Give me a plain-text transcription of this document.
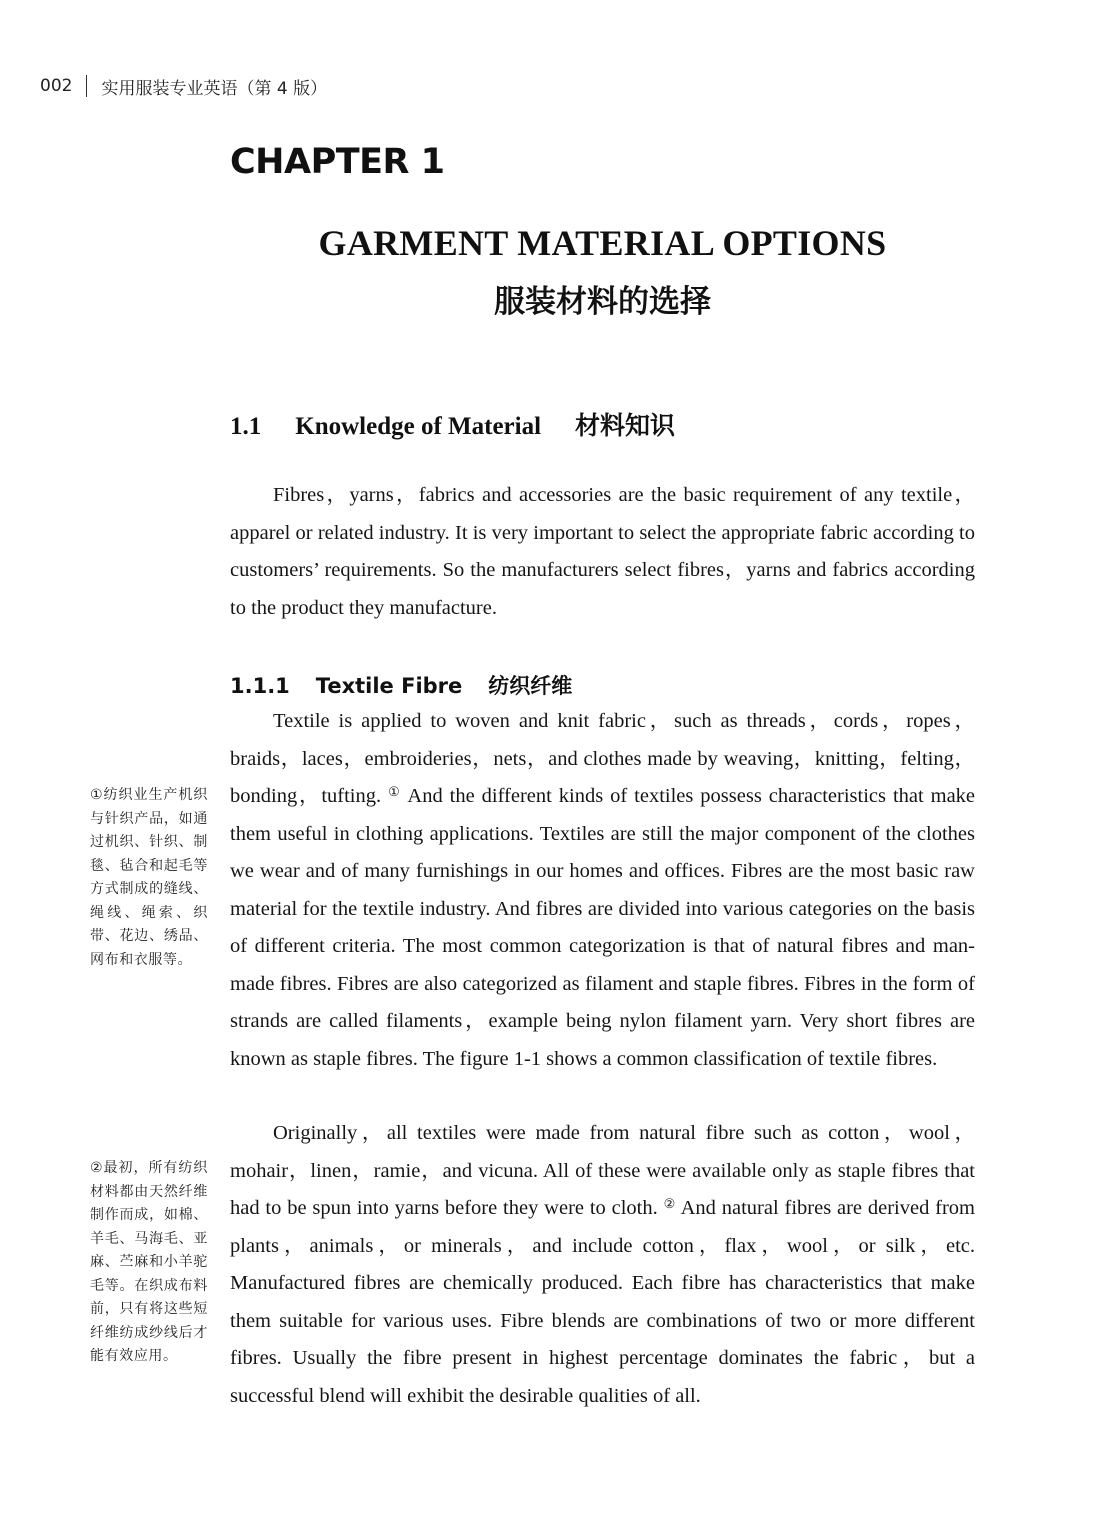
002 实用服装专业英语（第 4 版）
CHAPTER 1
GARMENT MATERIAL OPTIONS
服装材料的选择
1.1 Knowledge of Material 材料知识

Fibres，yarns，fabrics and accessories are the basic requirement of any textile，apparel or related industry. It is very important to select the appropriate fabric according to customers’ requirements. So the manufacturers select fibres，yarns and fabrics according to the product they manufacture.

1.1.1 Textile Fibre 纺织纤维

Textile is applied to woven and knit fabric，such as threads，cords，ropes，braids，laces，embroideries，nets，and clothes made by weaving，knitting，felting，bonding，tufting. ① And the different kinds of textiles possess characteristics that make them useful in clothing applications. Textiles are still the major component of the clothes we wear and of many furnishings in our homes and offices. Fibres are the most basic raw material for the textile industry. And fibres are divided into various categories on the basis of different criteria. The most common categorization is that of natural fibres and man-made fibres. Fibres are also categorized as filament and staple fibres. Fibres in the form of strands are called filaments，example being nylon filament yarn. Very short fibres are known as staple fibres. The figure 1-1 shows a common classification of textile fibres.

Originally，all textiles were made from natural fibre such as cotton，wool，mohair，linen，ramie，and vicuna. All of these were available only as staple fibres that had to be spun into yarns before they were to cloth. ② And natural fibres are derived from plants，animals，or minerals，and include cotton，flax，wool，or silk，etc. Manufactured fibres are chemically produced. Each fibre has characteristics that make them suitable for various uses. Fibre blends are combinations of two or more different fibres. Usually the fibre present in highest percentage dominates the fabric，but a successful blend will exhibit the desirable qualities of all.

①纺织业生产机织与针织产品，如通过机织、针织、制毯、毡合和起毛等方式制成的缝线、绳线、绳索、织带、花边、绣品、网布和衣服等。

②最初，所有纺织材料都由天然纤维制作而成，如棉、羊毛、马海毛、亚麻、苎麻和小羊驼毛等。在织成布料前，只有将这些短纤维纺成纱线后才能有效应用。
